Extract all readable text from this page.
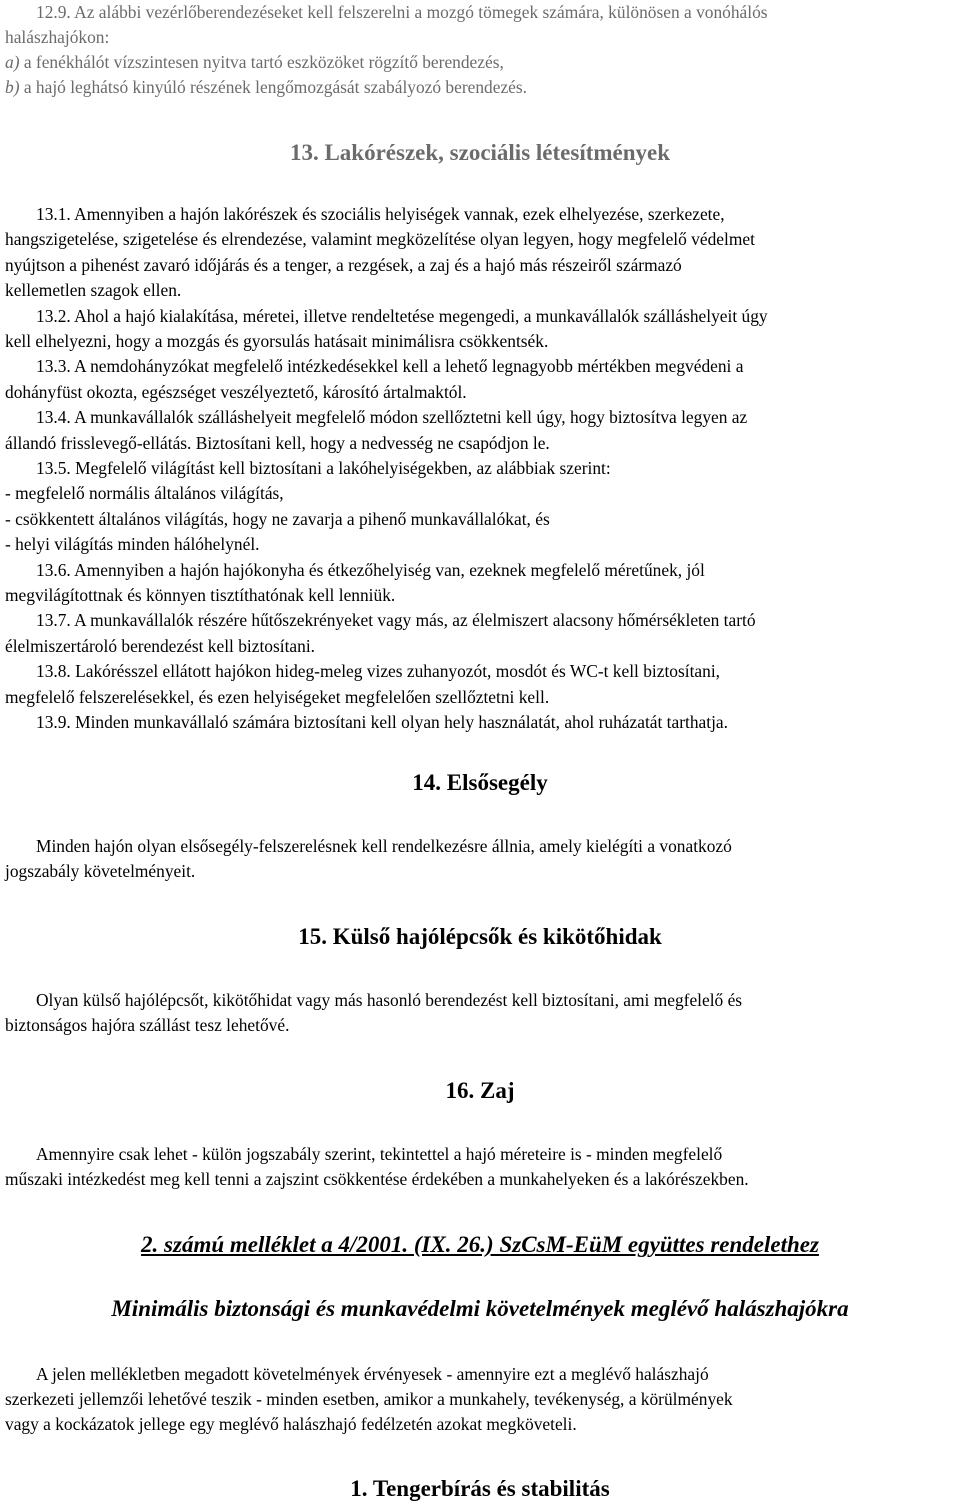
12.9. Az alábbi vezérlőberendezéseket kell felszerelni a mozgó tömegek számára, különösen a vonóhálós
halászhajókon:
a) a fenékhálót vízszintesen nyitva tartó eszközöket rögzítő berendezés,
b) a hajó leghátsó kinyúló részének lengőmozgását szabályozó berendezés.
13. Lakórészek, szociális létesítmények
13.1. Amennyiben a hajón lakórészek és szociális helyiségek vannak, ezek elhelyezése, szerkezete,
hangszigetelése, szigetelése és elrendezése, valamint megközelítése olyan legyen, hogy megfelelő védelmet
nyújtson a pihenést zavaró időjárás és a tenger, a rezgések, a zaj és a hajó más részeiről származó
kellemetlen szagok ellen.
13.2. Ahol a hajó kialakítása, méretei, illetve rendeltetése megengedi, a munkavállalók szálláshelyeit úgy
kell elhelyezni, hogy a mozgás és gyorsulás hatásait minimálisra csökkentsék.
13.3. A nemdohányzókat megfelelő intézkedésekkel kell a lehető legnagyobb mértékben megvédeni a
dohányfüst okozta, egészséget veszélyeztető, károsító ártalmaktól.
13.4. A munkavállalók szálláshelyeit megfelelő módon szellőztetni kell úgy, hogy biztosítva legyen az
állandó frisslevegő-ellátás. Biztosítani kell, hogy a nedvesség ne csapódjon le.
13.5. Megfelelő világítást kell biztosítani a lakóhelyiségekben, az alábbiak szerint:
- megfelelő normális általános világítás,
- csökkentett általános világítás, hogy ne zavarja a pihenő munkavállalókat, és
- helyi világítás minden hálóhelynél.
13.6. Amennyiben a hajón hajókonyha és étkezőhelyiség van, ezeknek megfelelő méretűnek, jól
megvilágítottnak és könnyen tisztíthatónak kell lenniük.
13.7. A munkavállalók részére hűtőszekrényeket vagy más, az élelmiszert alacsony hőmérsékleten tartó
élelmiszertároló berendezést kell biztosítani.
13.8. Lakórésszel ellátott hajókon hideg-meleg vizes zuhanyozót, mosdót és WC-t kell biztosítani,
megfelelő felszerelésekkel, és ezen helyiségeket megfelelően szellőztetni kell.
13.9. Minden munkavállaló számára biztosítani kell olyan hely használatát, ahol ruházatát tarthatja.
14. Elsősegély
Minden hajón olyan elsősegély-felszerelésnek kell rendelkezésre állnia, amely kielégíti a vonatkozó
jogszabály követelményeit.
15. Külső hajólépcsők és kikötőhidak
Olyan külső hajólépcsőt, kikötőhidat vagy más hasonló berendezést kell biztosítani, ami megfelelő és
biztonságos hajóra szállást tesz lehetővé.
16. Zaj
Amennyire csak lehet - külön jogszabály szerint, tekintettel a hajó méreteire is - minden megfelelő
műszaki intézkedést meg kell tenni a zajszint csökkentése érdekében a munkahelyeken és a lakórészekben.
2. számú melléklet a 4/2001. (IX. 26.) SzCsM-EüM együttes rendelethez
Minimális biztonsági és munkavédelmi követelmények meglévő halászhajókra
A jelen mellékletben megadott követelmények érvényesek - amennyire ezt a meglévő halászhajó
szerkezeti jellemzői lehetővé teszik - minden esetben, amikor a munkahely, tevékenység, a körülmények
vagy a kockázatok jellege egy meglévő halászhajó fedélzetén azokat megköveteli.
1. Tengerbírás és stabilitás
